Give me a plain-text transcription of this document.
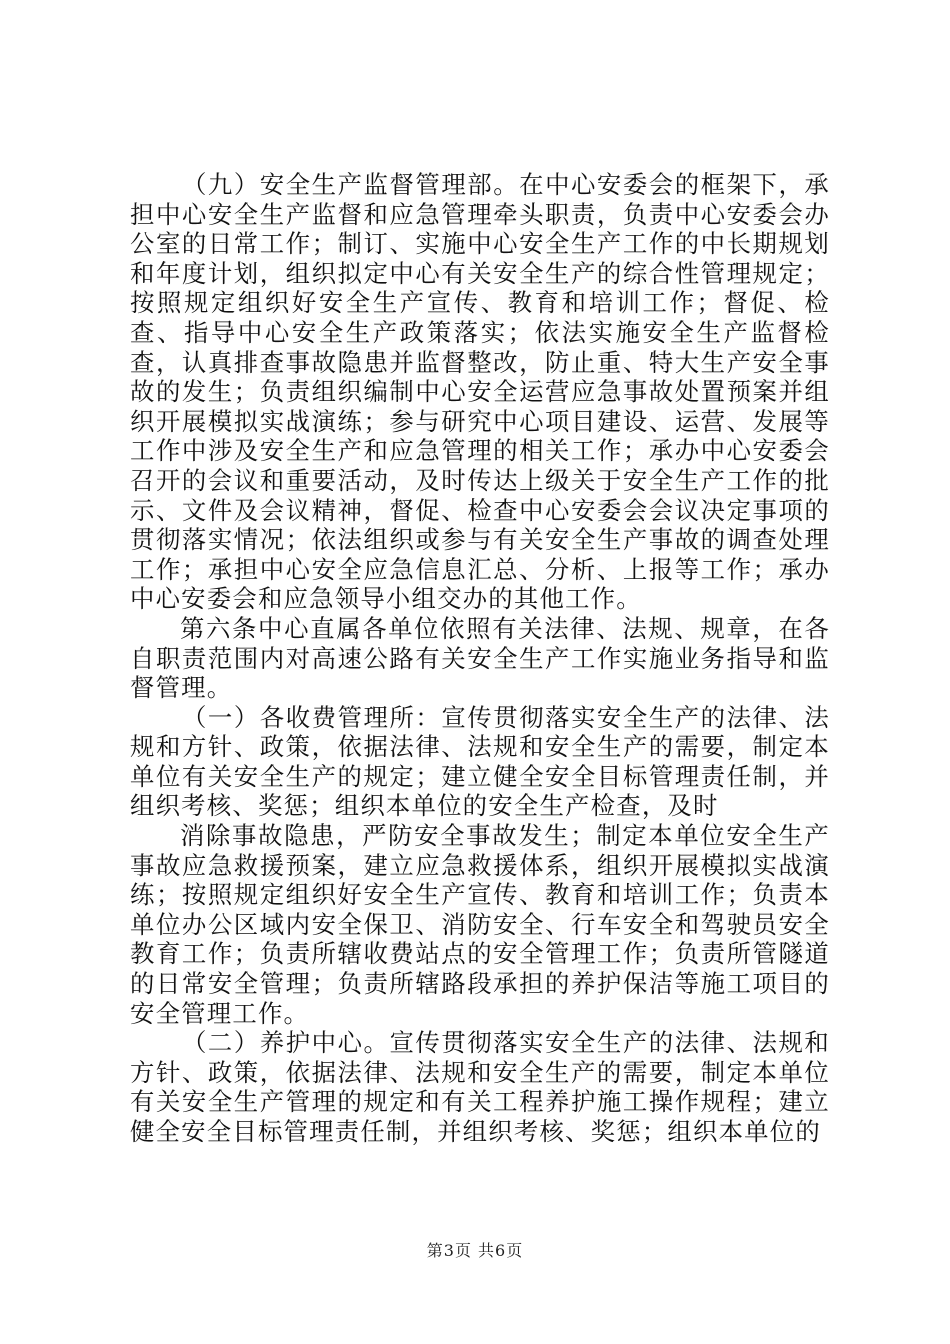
（九）安全生产监督管理部。在中心安委会的框架下，承担中心安全生产监督和应急管理牵头职责，负责中心安委会办公室的日常工作；制订、实施中心安全生产工作的中长期规划和年度计划，组织拟定中心有关安全生产的综合性管理规定；按照规定组织好安全生产宣传、教育和培训工作；督促、检查、指导中心安全生产政策落实；依法实施安全生产监督检查，认真排查事故隐患并监督整改，防止重、特大生产安全事故的发生；负责组织编制中心安全运营应急事故处置预案并组织开展模拟实战演练；参与研究中心项目建设、运营、发展等工作中涉及安全生产和应急管理的相关工作；承办中心安委会召开的会议和重要活动，及时传达上级关于安全生产工作的批示、文件及会议精神，督促、检查中心安委会会议决定事项的贯彻落实情况；依法组织或参与有关安全生产事故的调查处理工作；承担中心安全应急信息汇总、分析、上报等工作；承办中心安委会和应急领导小组交办的其他工作。

第六条中心直属各单位依照有关法律、法规、规章，在各自职责范围内对高速公路有关安全生产工作实施业务指导和监督管理。

（一）各收费管理所：宣传贯彻落实安全生产的法律、法规和方针、政策，依据法律、法规和安全生产的需要，制定本单位有关安全生产的规定；建立健全安全目标管理责任制，并组织考核、奖惩；组织本单位的安全生产检查，及时

消除事故隐患，严防安全事故发生；制定本单位安全生产事故应急救援预案，建立应急救援体系，组织开展模拟实战演练；按照规定组织好安全生产宣传、教育和培训工作；负责本单位办公区域内安全保卫、消防安全、行车安全和驾驶员安全教育工作；负责所辖收费站点的安全管理工作；负责所管隧道的日常安全管理；负责所辖路段承担的养护保洁等施工项目的安全管理工作。

（二）养护中心。宣传贯彻落实安全生产的法律、法规和方针、政策，依据法律、法规和安全生产的需要，制定本单位有关安全生产管理的规定和有关工程养护施工操作规程；建立健全安全目标管理责任制，并组织考核、奖惩；组织本单位的

第3页 共6页
